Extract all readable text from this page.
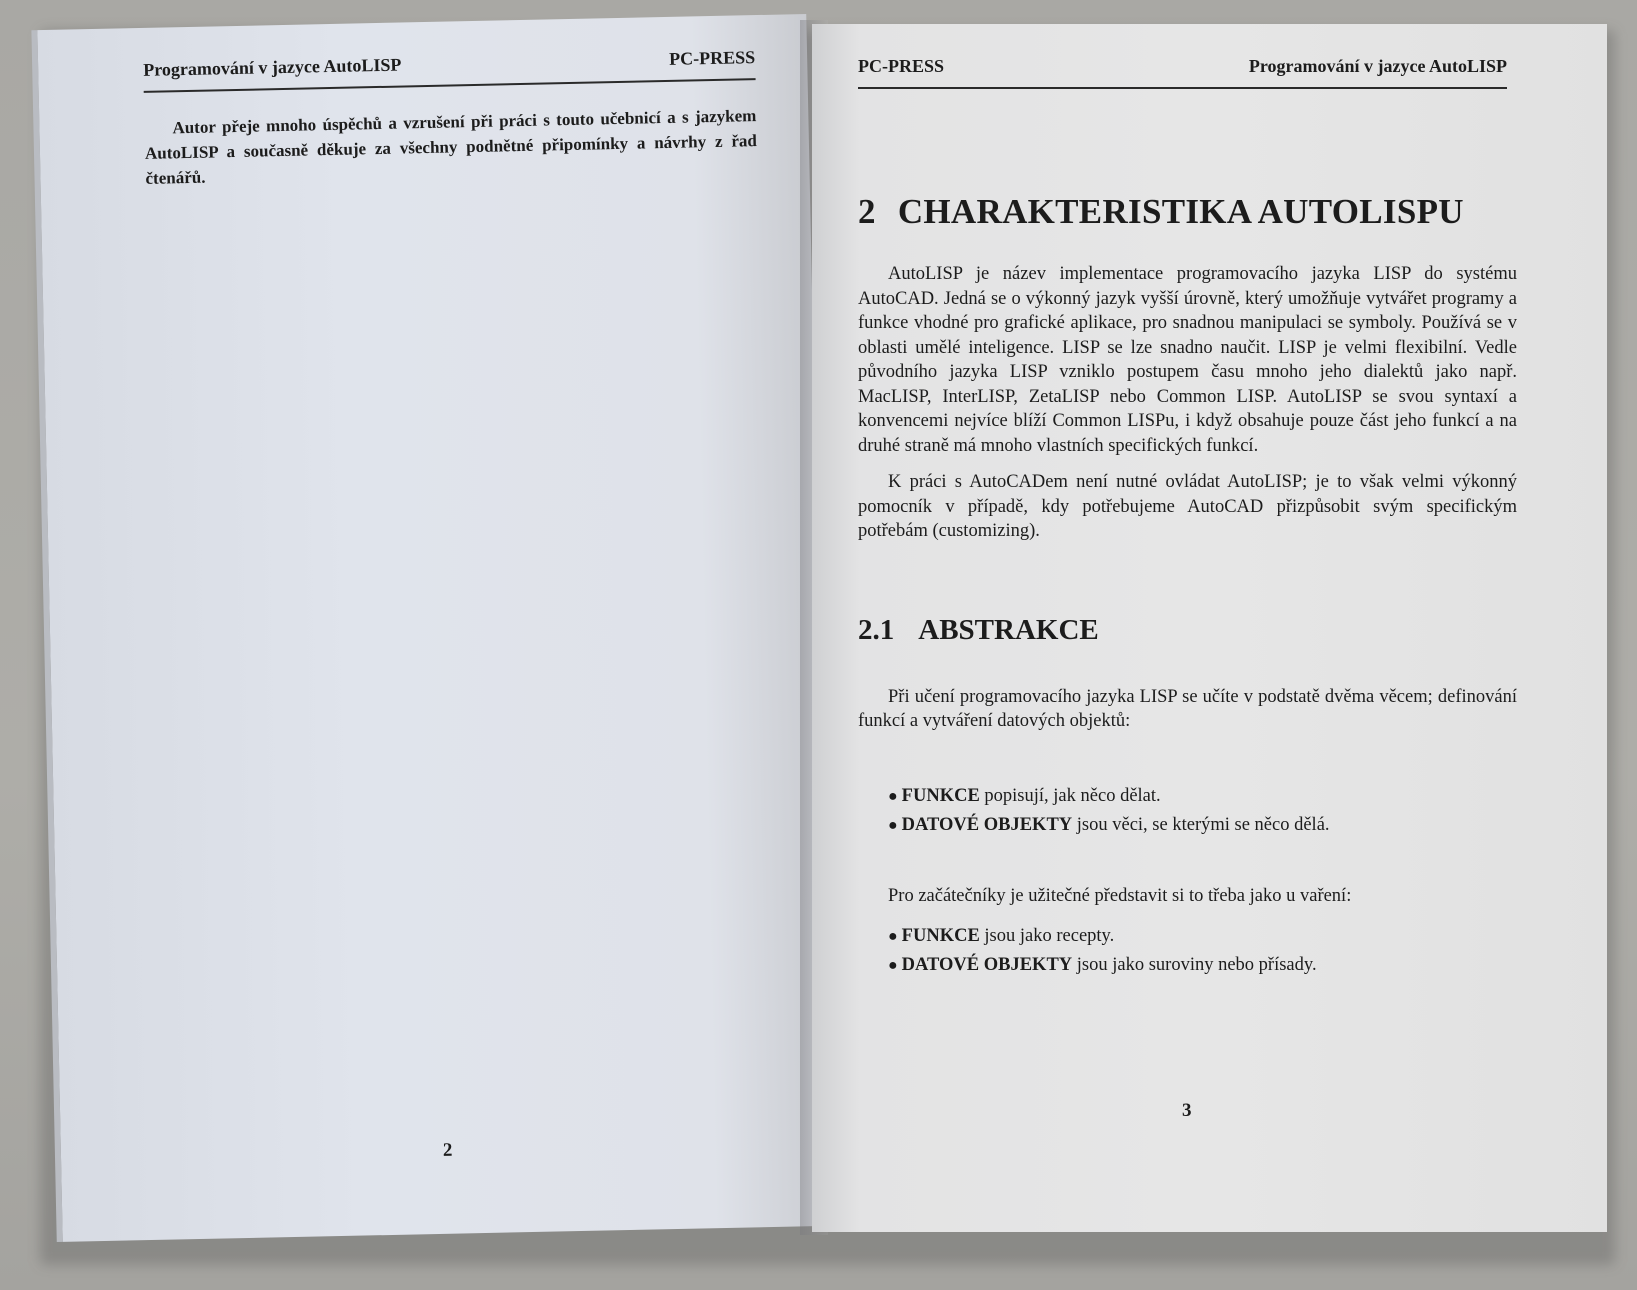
Programování v jazyce AutoLISP	PC-PRESS
Autor přeje mnoho úspěchů a vzrušení při práci s touto učebnicí a s jazykem AutoLISP a současně děkuje za všechny podnětné připomínky a návrhy z řad čtenářů.
2
PC-PRESS	Programování v jazyce AutoLISP
2 CHARAKTERISTIKA AUTOLISPU

AutoLISP je název implementace programovacího jazyka LISP do systému AutoCAD. Jedná se o výkonný jazyk vyšší úrovně, který umožňuje vytvářet programy a funkce vhodné pro grafické aplikace, pro snadnou manipulaci se symboly. Používá se v oblasti umělé inteligence. LISP se lze snadno naučit. LISP je velmi flexibilní. Vedle původního jazyka LISP vzniklo postupem času mnoho jeho dialektů jako např. MacLISP, InterLISP, ZetaLISP nebo Common LISP. AutoLISP se svou syntaxí a konvencemi nejvíce blíží Common LISPu, i když obsahuje pouze část jeho funkcí a na druhé straně má mnoho vlastních specifických funkcí.

K práci s AutoCADem není nutné ovládat AutoLISP; je to však velmi výkonný pomocník v případě, kdy potřebujeme AutoCAD přizpůsobit svým specifickým potřebám (customizing).

2.1 ABSTRAKCE

Při učení programovacího jazyka LISP se učíte v podstatě dvěma věcem; definování funkcí a vytváření datových objektů:

● FUNKCE popisují, jak něco dělat.
● DATOVÉ OBJEKTY jsou věci, se kterými se něco dělá.

Pro začátečníky je užitečné představit si to třeba jako u vaření:

● FUNKCE jsou jako recepty.
● DATOVÉ OBJEKTY jsou jako suroviny nebo přísady.
3
